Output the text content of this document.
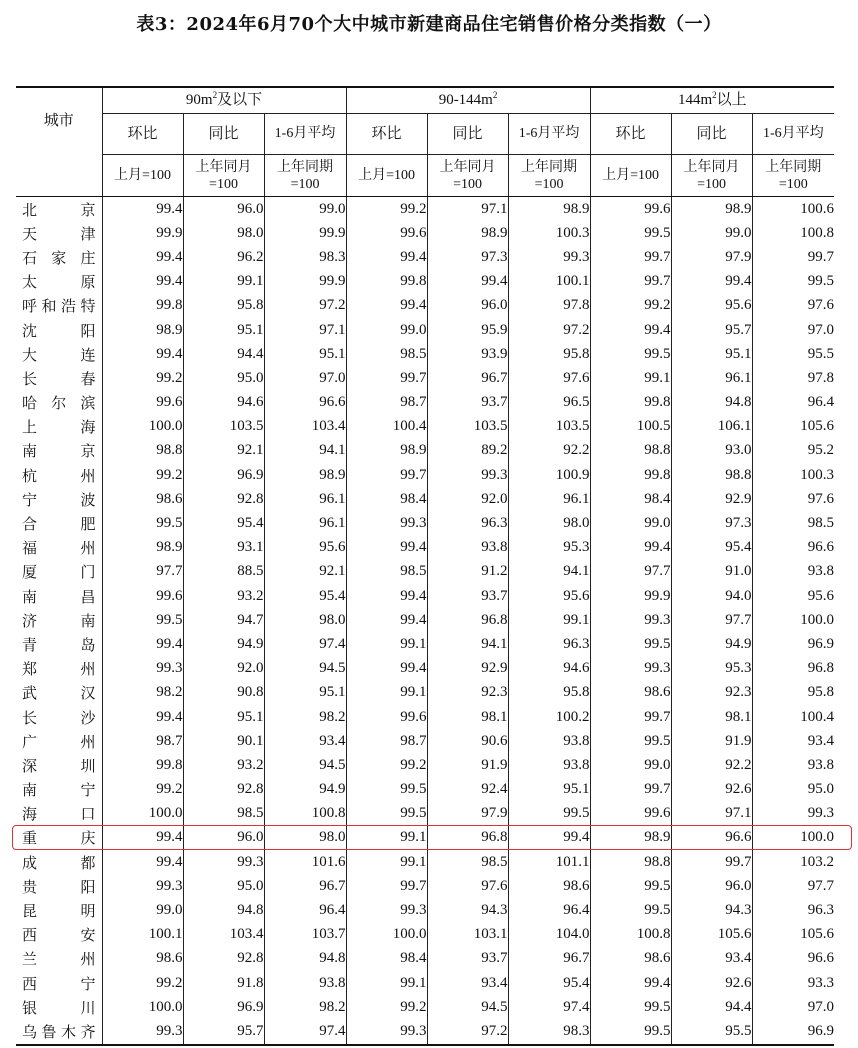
表3：2024年6月70个大中城市新建商品住宅销售价格分类指数（一）
城市	$90m^2$及以下			$90-144m^2$			$144m^2$以上		
	环比	同比	1-6月平均	环比	同比	1-6月平均	环比	同比	1-6月平均
	上月=100	上年同月=100	上年同期=100	上月=100	上年同月=100	上年同期=100	上月=100	上年同月=100	上年同期=100
北京	99.4	96.0	99.0	99.2	97.1	98.9	99.6	98.9	100.6
天津	99.9	98.0	99.9	99.6	98.9	100.3	99.5	99.0	100.8
石家庄	99.4	96.2	98.3	99.4	97.3	99.3	99.7	97.9	99.7
太原	99.4	99.1	99.9	99.8	99.4	100.1	99.7	99.4	99.5
呼和浩特	99.8	95.8	97.2	99.4	96.0	97.8	99.2	95.6	97.6
沈阳	98.9	95.1	97.1	99.0	95.9	97.2	99.4	95.7	97.0
大连	99.4	94.4	95.1	98.5	93.9	95.8	99.5	95.1	95.5
长春	99.2	95.0	97.0	99.7	96.7	97.6	99.1	96.1	97.8
哈尔滨	99.6	94.6	96.6	98.7	93.7	96.5	99.8	94.8	96.4
上海	100.0	103.5	103.4	100.4	103.5	103.5	100.5	106.1	105.6
南京	98.8	92.1	94.1	98.9	89.2	92.2	98.8	93.0	95.2
杭州	99.2	96.9	98.9	99.7	99.3	100.9	99.8	98.8	100.3
宁波	98.6	92.8	96.1	98.4	92.0	96.1	98.4	92.9	97.6
合肥	99.5	95.4	96.1	99.3	96.3	98.0	99.0	97.3	98.5
福州	98.9	93.1	95.6	99.4	93.8	95.3	99.4	95.4	96.6
厦门	97.7	88.5	92.1	98.5	91.2	94.1	97.7	91.0	93.8
南昌	99.6	93.2	95.4	99.4	93.7	95.6	99.9	94.0	95.6
济南	99.5	94.7	98.0	99.4	96.8	99.1	99.3	97.7	100.0
青岛	99.4	94.9	97.4	99.1	94.1	96.3	99.5	94.9	96.9
郑州	99.3	92.0	94.5	99.4	92.9	94.6	99.3	95.3	96.8
武汉	98.2	90.8	95.1	99.1	92.3	95.8	98.6	92.3	95.8
长沙	99.4	95.1	98.2	99.6	98.1	100.2	99.7	98.1	100.4
广州	98.7	90.1	93.4	98.7	90.6	93.8	99.5	91.9	93.4
深圳	99.8	93.2	94.5	99.2	91.9	93.8	99.0	92.2	93.8
南宁	99.2	92.8	94.9	99.5	92.4	95.1	99.7	92.6	95.0
海口	100.0	98.5	100.8	99.5	97.9	99.5	99.6	97.1	99.3
重庆	99.4	96.0	98.0	99.1	96.8	99.4	98.9	96.6	100.0
成都	99.4	99.3	101.6	99.1	98.5	101.1	98.8	99.7	103.2
贵阳	99.3	95.0	96.7	99.7	97.6	98.6	99.5	96.0	97.7
昆明	99.0	94.8	96.4	99.3	94.3	96.4	99.5	94.3	96.3
西安	100.1	103.4	103.7	100.0	103.1	104.0	100.8	105.6	105.6
兰州	98.6	92.8	94.8	98.4	93.7	96.7	98.6	93.4	96.6
西宁	99.2	91.8	93.8	99.1	93.4	95.4	99.4	92.6	93.3
银川	100.0	96.9	98.2	99.2	94.5	97.4	99.5	94.4	97.0
乌鲁木齐	99.3	95.7	97.4	99.3	97.2	98.3	99.5	95.5	96.9
